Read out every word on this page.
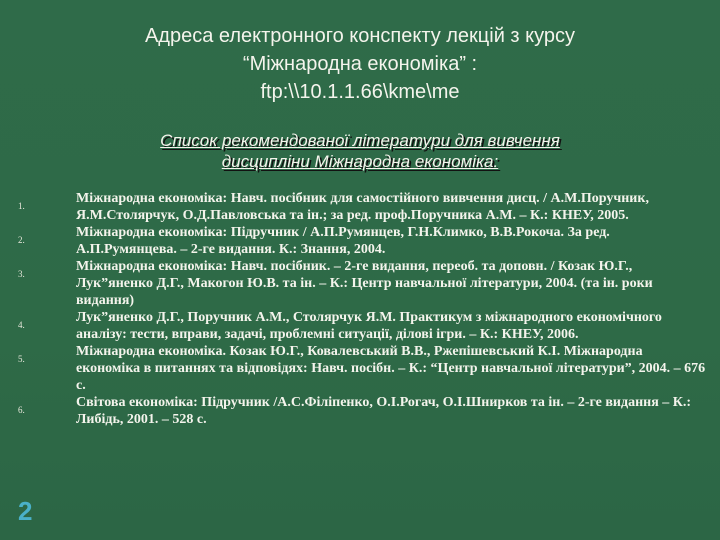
Адреса електронного конспекту лекцій з курсу
“Міжнародна економіка” :
ftp:\\10.1.1.66\kme\me
Список рекомендованої літератури для вивчення
дисципліни Міжнародна економіка:
1.	Міжнародна економіка: Навч. посібник для самостійного вивчення дисц. / А.М.Поручник, Я.М.Столярчук, О.Д.Павловська та ін.; за ред. проф.Поручника А.М. – К.: КНЕУ, 2005.
2.	Міжнародна економіка: Підручник / А.П.Румянцев, Г.Н.Климко, В.В.Рокоча. За ред. А.П.Румянцева. – 2-ге видання. К.: Знання, 2004.
3.	Міжнародна економіка: Навч. посібник. – 2-ге видання, переоб. та доповн. / Козак Ю.Г., Лук”яненко Д.Г., Макогон Ю.В. та ін. – К.: Центр навчальної літератури, 2004. (та ін. роки видання)
4.	Лук”яненко Д.Г., Поручник А.М., Столярчук Я.М. Практикум з міжнародного економічного аналізу: тести, вправи, задачі, проблемні ситуації, ділові ігри. – К.: КНЕУ, 2006.
5.	Міжнародна економіка. Козак Ю.Г., Ковалевський В.В., Ржепішевський К.І. Міжнародна економіка в питаннях та відповідях: Навч. посібн. – К.: “Центр навчальної літератури”, 2004. – 676 с.
6.	Світова економіка: Підручник /А.С.Філіпенко, О.І.Рогач, О.І.Шнирков та ін. – 2-ге видання – К.: Либідь, 2001. – 528 с.
2
